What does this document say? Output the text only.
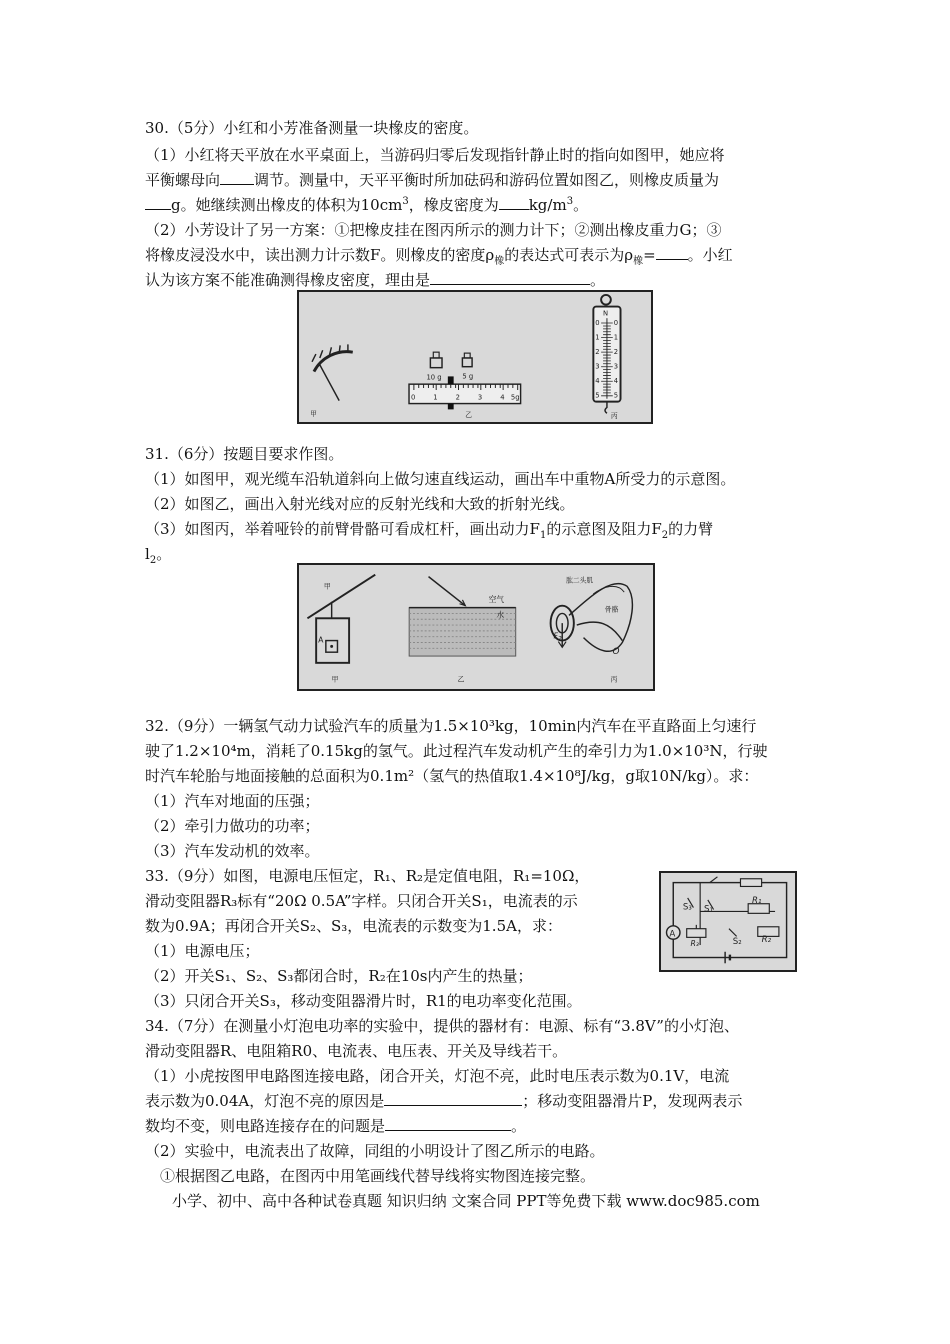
30.（5分）小红和小芳准备测量一块橡皮的密度。
（1）小红将天平放在水平桌面上，当游码归零后发现指针静止时的指向如图甲，她应将
平衡螺母向 调节。测量中，天平平衡时所加砝码和游码位置如图乙，则橡皮质量为
g。她继续测出橡皮的体积为$10cm^3$，橡皮密度为 $kg/m^3$。
（2）小芳设计了另一方案：①把橡皮挂在图丙所示的测力计下；②测出橡皮重力G；③
将橡皮浸没水中，读出测力计示数F。则橡皮的密度$\rho_橡$的表达式可表示为$\rho_橡=$ 。小红
认为该方案不能准确测得橡皮密度，理由是	。
甲
10 g	5 g
0	1	2	3	4 5g
乙
N
0
1
2
3
4
5
0
1
2
3
4
5
丙
31.（6分）按题目要求作图。
（1）如图甲，观光缆车沿轨道斜向上做匀速直线运动，画出车中重物A所受力的示意图。
（2）如图乙，画出入射光线对应的反射光线和大致的折射光线。
（3）如图丙，举着哑铃的前臂骨骼可看成杠杆，画出动力$F_1$的示意图及阻力$F_2$的力臂
$l_2$。
甲
A
甲
空气
水
乙
肱二头肌
骨骼
$F_2$
O
丙
32.（9分）一辆氢气动力试验汽车的质量为1.5×10³kg，10min内汽车在平直路面上匀速行
驶了1.2×10⁴m，消耗了0.15kg的氢气。此过程汽车发动机产生的牵引力为1.0×10³N，行驶
时汽车轮胎与地面接触的总面积为0.1m²（氢气的热值取1.4×10⁸J/kg，g取10N/kg）。求：
（1）汽车对地面的压强；
（2）牵引力做功的功率；
（3）汽车发动机的效率。
33.（9分）如图，电源电压恒定，R₁、R₂是定值电阻，R₁=10Ω，
滑动变阻器R₃标有“20Ω 0.5A”字样。只闭合开关S₁，电流表的示
数为0.9A；再闭合开关S₂、S₃，电流表的示数变为1.5A，求：
（1）电源电压；
（2）开关S₁、S₂、S₃都闭合时，R₂在10s内产生的热量；
（3）只闭合开关S₃，移动变阻器滑片时，R1的电功率变化范围。
S₃ S₁
R₁
A
R₃	S₂ R₂
34.（7分）在测量小灯泡电功率的实验中，提供的器材有：电源、标有“3.8V”的小灯泡、
滑动变阻器R、电阻箱R0、电流表、电压表、开关及导线若干。
（1）小虎按图甲电路图连接电路，闭合开关，灯泡不亮，此时电压表示数为0.1V，电流
表示数为0.04A，灯泡不亮的原因是	；移动变阻器滑片P，发现两表示
数均不变，则电路连接存在的问题是	。
（2）实验中，电流表出了故障，同组的小明设计了图乙所示的电路。
①根据图乙电路，在图丙中用笔画线代替导线将实物图连接完整。
小学、初中、高中各种试卷真题 知识归纳 文案合同 PPT等免费下载 www.doc985.com
